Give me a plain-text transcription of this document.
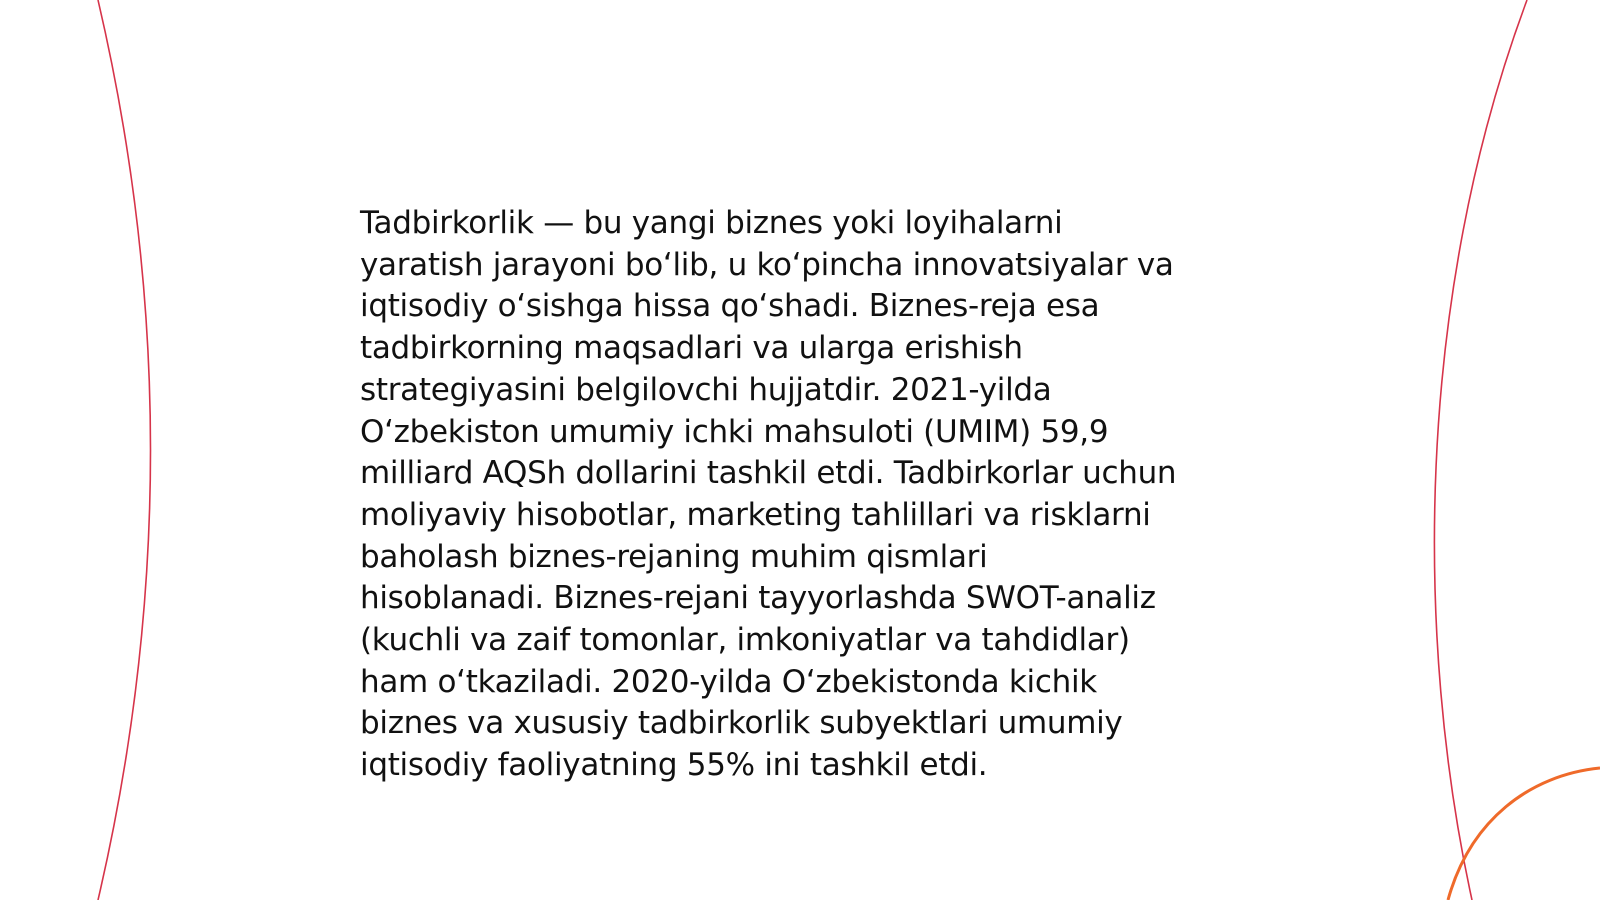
Tadbirkorlik — bu yangi biznes yoki loyihalarni
yaratish jarayoni boʻlib, u koʻpincha innovatsiyalar va
iqtisodiy oʻsishga hissa qoʻshadi. Biznes-reja esa
tadbirkorning maqsadlari va ularga erishish
strategiyasini belgilovchi hujjatdir. 2021-yilda
Oʻzbekiston umumiy ichki mahsuloti (UMIM) 59,9
milliard AQSh dollarini tashkil etdi. Tadbirkorlar uchun
moliyaviy hisobotlar, marketing tahlillari va risklarni
baholash biznes-rejaning muhim qismlari
hisoblanadi. Biznes-rejani tayyorlashda SWOT-analiz
(kuchli va zaif tomonlar, imkoniyatlar va tahdidlar)
ham oʻtkaziladi. 2020-yilda Oʻzbekistonda kichik
biznes va xususiy tadbirkorlik subyektlari umumiy
iqtisodiy faoliyatning 55% ini tashkil etdi.
